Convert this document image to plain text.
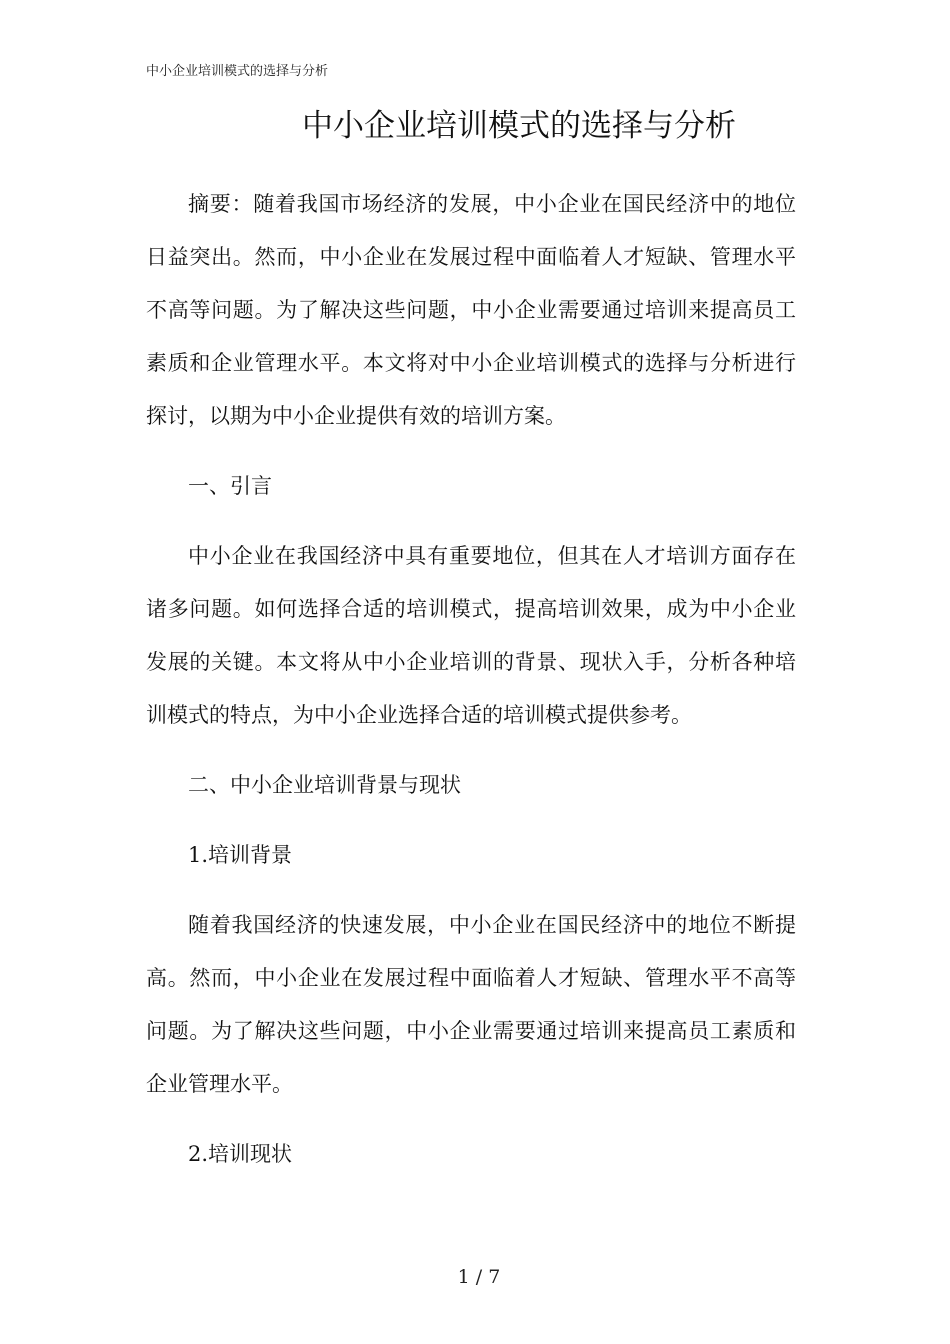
中小企业培训模式的选择与分析
中小企业培训模式的选择与分析

摘要：随着我国市场经济的发展，中小企业在国民经济中的地位日益突出。然而，中小企业在发展过程中面临着人才短缺、管理水平不高等问题。为了解决这些问题，中小企业需要通过培训来提高员工素质和企业管理水平。本文将对中小企业培训模式的选择与分析进行探讨，以期为中小企业提供有效的培训方案。

一、引言

中小企业在我国经济中具有重要地位，但其在人才培训方面存在诸多问题。如何选择合适的培训模式，提高培训效果，成为中小企业发展的关键。本文将从中小企业培训的背景、现状入手，分析各种培训模式的特点，为中小企业选择合适的培训模式提供参考。

二、中小企业培训背景与现状

1.培训背景

随着我国经济的快速发展，中小企业在国民经济中的地位不断提高。然而，中小企业在发展过程中面临着人才短缺、管理水平不高等问题。为了解决这些问题，中小企业需要通过培训来提高员工素质和企业管理水平。

2.培训现状

1 / 7
